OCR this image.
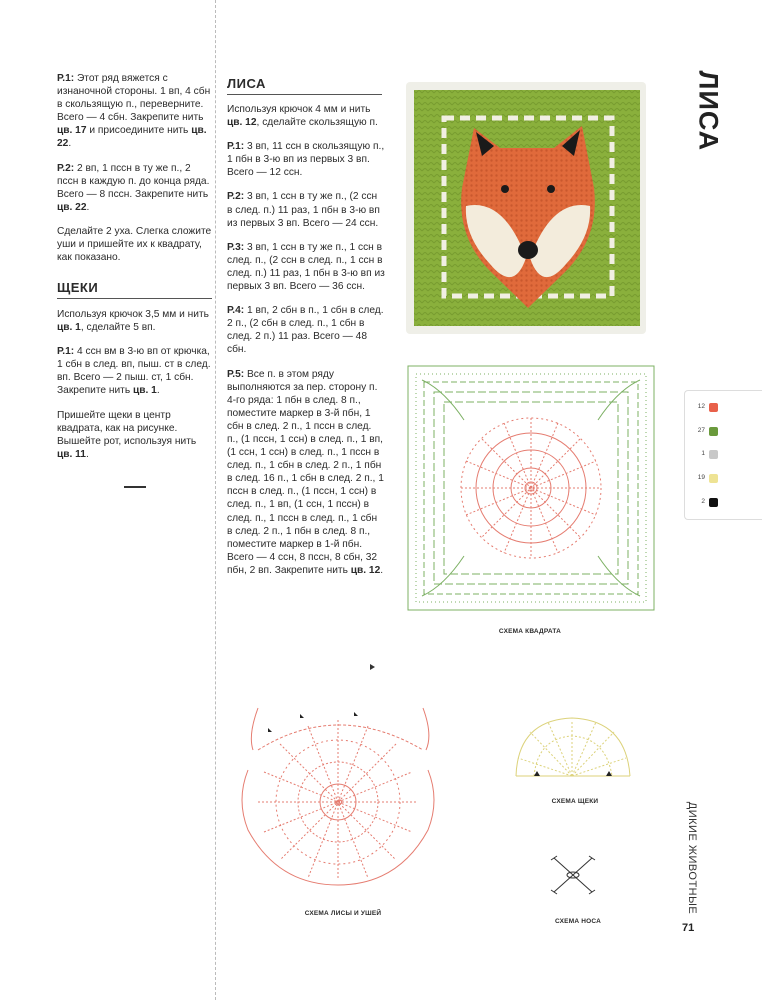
Р.1: Этот ряд вяжется с изнаночной стороны. 1 вп, 4 сбн в скользящую п., переверните. Всего — 4 сбн. Закрепите нить цв. 17 и присоедините нить цв. 22.

Р.2: 2 вп, 1 пссн в ту же п., 2 пссн в каждую п. до конца ряда. Всего — 8 пссн. Закрепите нить цв. 22.

Сделайте 2 уха. Слегка сложите уши и пришейте их к квадрату, как показано.

ЩЕКИ

Используя крючок 3,5 мм и нить цв. 1, сделайте 5 вп.

Р.1: 4 ссн вм в 3-ю вп от крючка, 1 сбн в след. вп, пыш. ст в след. вп. Всего — 2 пыш. ст, 1 сбн. Закрепите нить цв. 1.

Пришейте щеки в центр квадрата, как на рисунке. Вышейте рот, используя нить цв. 11.

ЛИСА

Используя крючок 4 мм и нить цв. 12, сделайте скользящую п.

Р.1: 3 вп, 11 ссн в скользящую п., 1 пбн в 3-ю вп из первых 3 вп. Всего — 12 ссн.

Р.2: 3 вп, 1 ссн в ту же п., (2 ссн в след. п.) 11 раз, 1 пбн в 3-ю вп из первых 3 вп. Всего — 24 ссн.

Р.3: 3 вп, 1 ссн в ту же п., 1 ссн в след. п., (2 ссн в след. п., 1 ссн в след. п.) 11 раз, 1 пбн в 3-ю вп из первых 3 вп. Всего — 36 ссн.

Р.4: 1 вп, 2 сбн в п., 1 сбн в след. 2 п., (2 сбн в след. п., 1 сбн в след. 2 п.) 11 раз. Всего — 48 сбн.

Р.5: Все п. в этом ряду выполняются за пер. сторону п. 4-го ряда: 1 пбн в след. 8 п., поместите маркер в 3-й пбн, 1 сбн в след. 2 п., 1 пссн в след. п., (1 пссн, 1 ссн) в след. п., 1 вп, (1 ссн, 1 ссн) в след. п., 1 пссн в след. п., 1 сбн в след. 2 п., 1 пбн в след. 16 п., 1 сбн в след. 2 п., 1 пссн в след. п., (1 пссн, 1 ссн) в след. п., 1 вп, (1 ссн, 1 пссн) в след. п., 1 пссн в след. п., 1 сбн в след. 2 п., 1 пбн в след. 8 п., поместите маркер в 1-й пбн. Всего — 4 ссн, 8 пссн, 8 сбн, 32 пбн, 2 вп. Закрепите нить цв. 12.

ЛИСА
СХЕМА КВАДРАТА
12
27
1
19
2
СХЕМА ЛИСЫ И УШЕЙ
СХЕМА ЩЕКИ
СХЕМА НОСА
ДИКИЕ ЖИВОТНЫЕ
71
